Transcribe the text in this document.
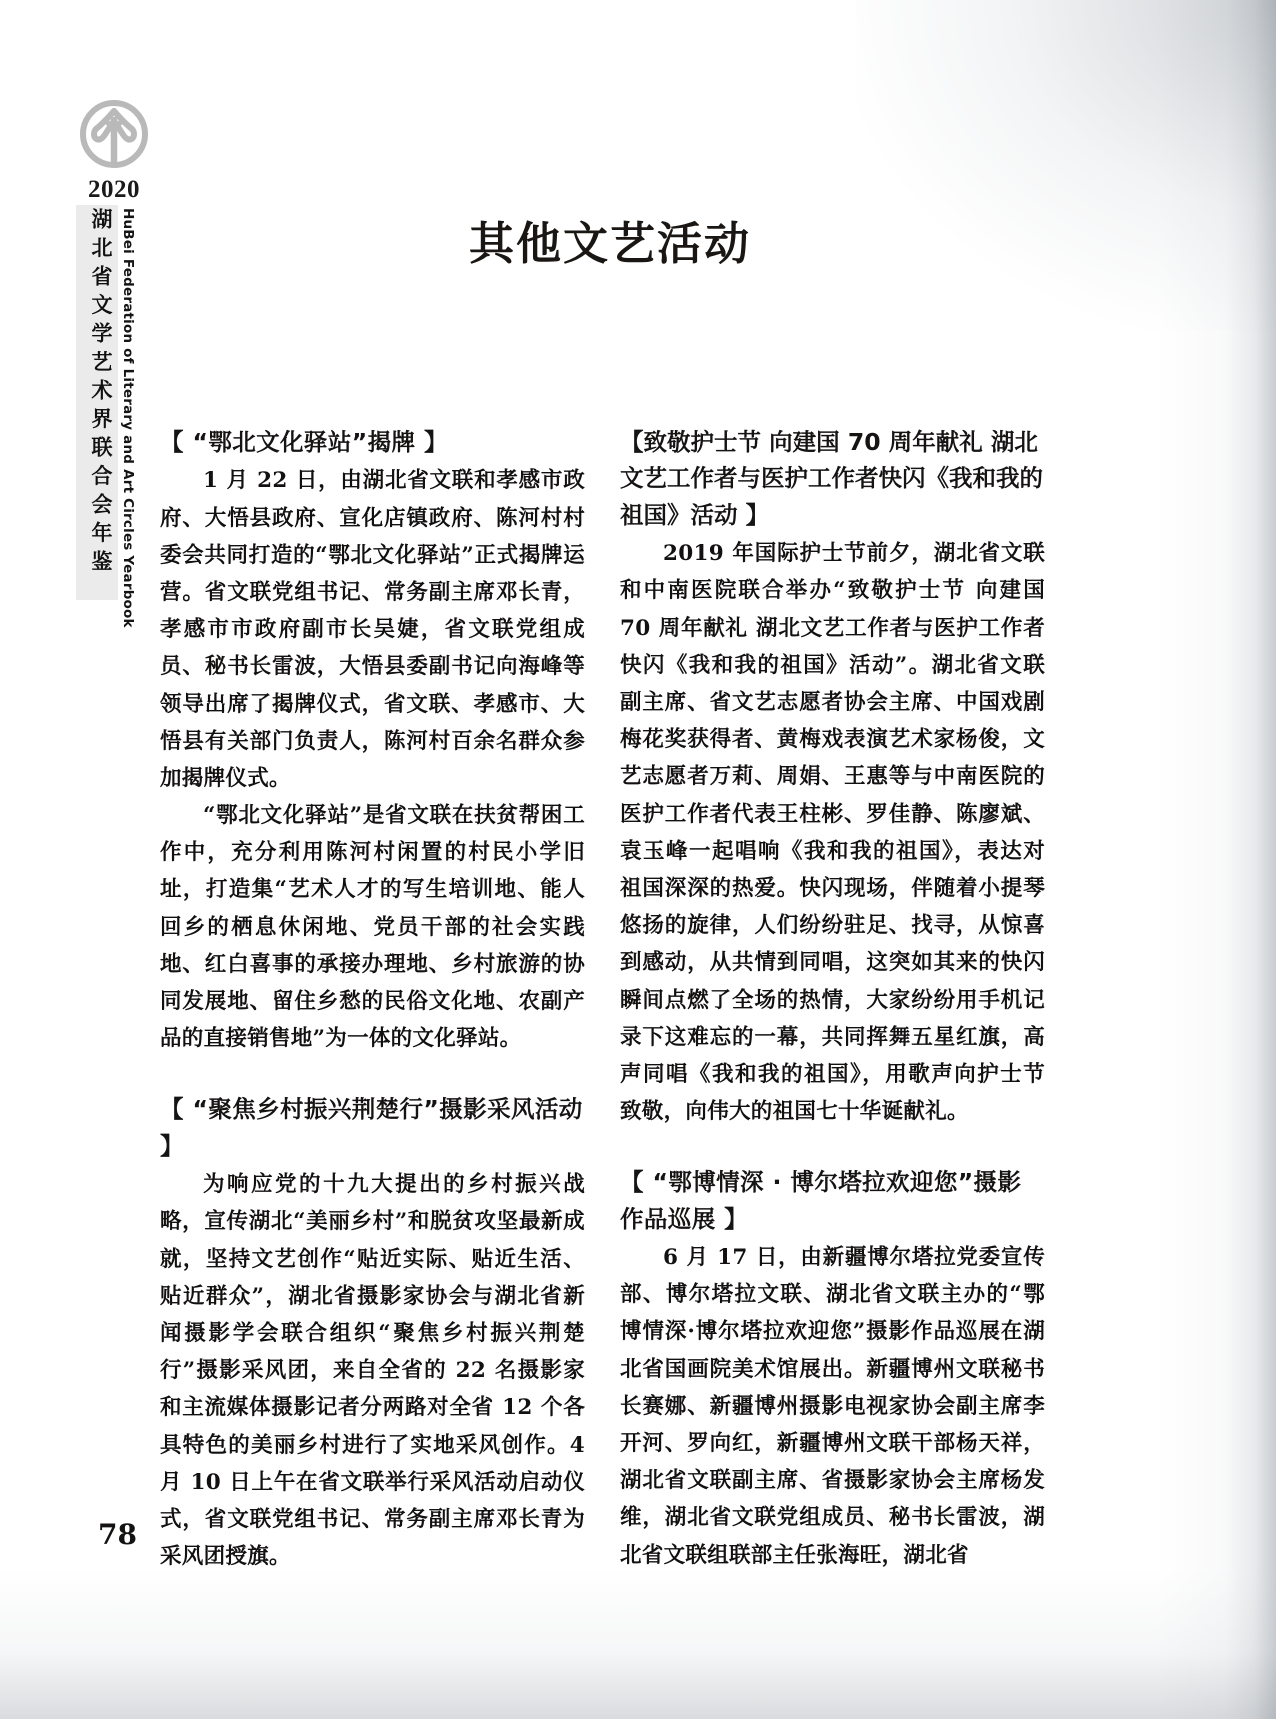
2020
湖北省文学艺术界联合会年鉴 HuBei Federation of Literary and Art Circles Yearbook	其他文艺活动
【 “鄂北文化驿站”揭牌 】

1 月 22 日，由湖北省文联和孝感市政府、大悟县政府、宣化店镇政府、陈河村村委会共同打造的“鄂北文化驿站”正式揭牌运营。省文联党组书记、常务副主席邓长青，孝感市市政府副市长吴婕，省文联党组成员、秘书长雷波，大悟县委副书记向海峰等领导出席了揭牌仪式，省文联、孝感市、大悟县有关部门负责人，陈河村百余名群众参加揭牌仪式。

“鄂北文化驿站”是省文联在扶贫帮困工作中，充分利用陈河村闲置的村民小学旧址，打造集“艺术人才的写生培训地、能人回乡的栖息休闲地、党员干部的社会实践地、红白喜事的承接办理地、乡村旅游的协同发展地、留住乡愁的民俗文化地、农副产品的直接销售地”为一体的文化驿站。

【 “聚焦乡村振兴荆楚行”摄影采风活动 】

为响应党的十九大提出的乡村振兴战略，宣传湖北“美丽乡村”和脱贫攻坚最新成就，坚持文艺创作“贴近实际、贴近生活、贴近群众”，湖北省摄影家协会与湖北省新闻摄影学会联合组织“聚焦乡村振兴荆楚行”摄影采风团，来自全省的 22 名摄影家和主流媒体摄影记者分两路对全省 12 个各具特色的美丽乡村进行了实地采风创作。4 月 10 日上午在省文联举行采风活动启动仪式，省文联党组书记、常务副主席邓长青为采风团授旗。

【致敬护士节 向建国 70 周年献礼 湖北文艺工作者与医护工作者快闪《我和我的祖国》活动 】

2019 年国际护士节前夕，湖北省文联和中南医院联合举办“致敬护士节 向建国 70 周年献礼 湖北文艺工作者与医护工作者快闪《我和我的祖国》活动”。湖北省文联副主席、省文艺志愿者协会主席、中国戏剧梅花奖获得者、黄梅戏表演艺术家杨俊，文艺志愿者万莉、周娟、王惠等与中南医院的医护工作者代表王柱彬、罗佳静、陈廖斌、袁玉峰一起唱响《我和我的祖国》，表达对祖国深深的热爱。快闪现场，伴随着小提琴悠扬的旋律，人们纷纷驻足、找寻，从惊喜到感动，从共情到同唱，这突如其来的快闪瞬间点燃了全场的热情，大家纷纷用手机记录下这难忘的一幕，共同挥舞五星红旗，高声同唱《我和我的祖国》，用歌声向护士节致敬，向伟大的祖国七十华诞献礼。

【 “鄂博情深 · 博尔塔拉欢迎您”摄影作品巡展 】

6 月 17 日，由新疆博尔塔拉党委宣传部、博尔塔拉文联、湖北省文联主办的“鄂博情深·博尔塔拉欢迎您”摄影作品巡展在湖北省国画院美术馆展出。新疆博州文联秘书长赛娜、新疆博州摄影电视家协会副主席李开河、罗向红，新疆博州文联干部杨天祥，湖北省文联副主席、省摄影家协会主席杨发维，湖北省文联党组成员、秘书长雷波，湖北省文联组联部主任张海旺，湖北省

78
